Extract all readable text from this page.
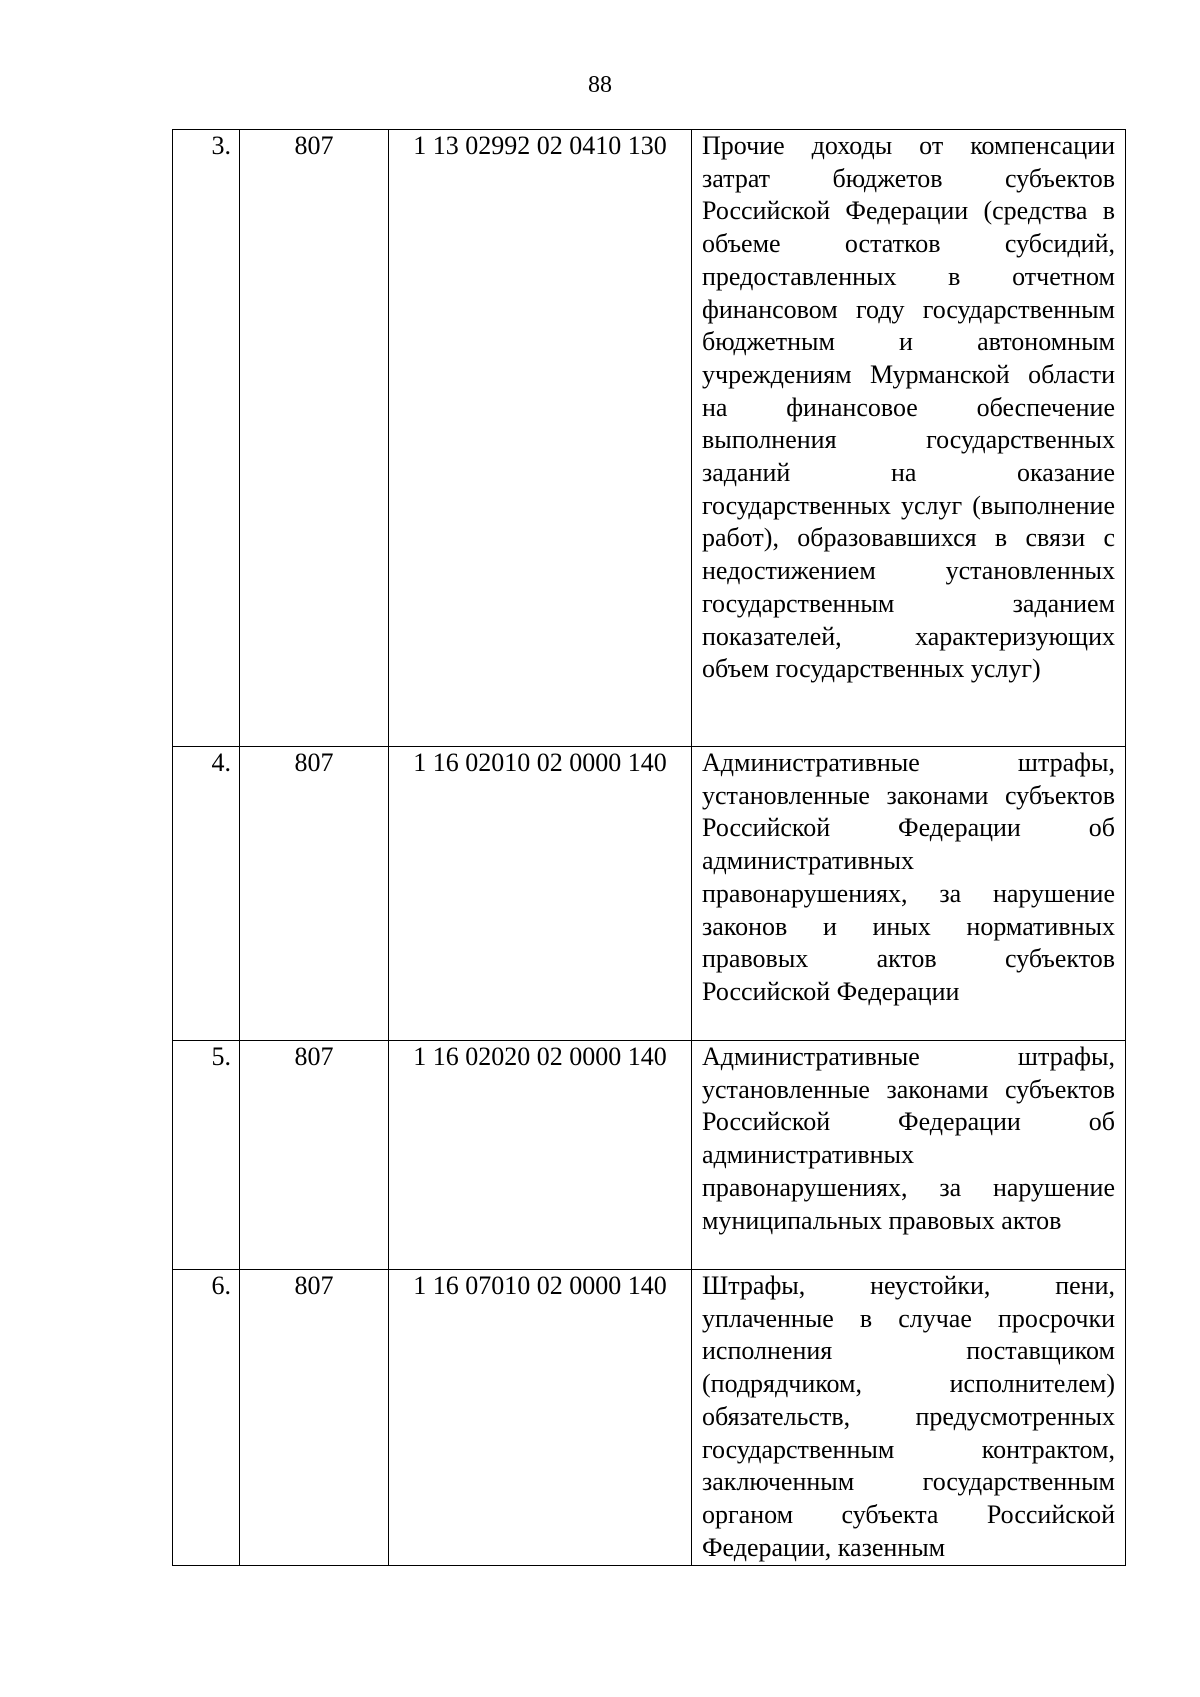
88
3.	807	1 13 02992 02 0410 130	Прочие доходы от компенсации затрат бюджетов субъектов Российской Федерации (средства в объеме остатков субсидий, предоставленных в отчетном финансовом году государственным бюджетным и автономным учреждениям Мурманской области на финансовое обеспечение выполнения государственных заданий на оказание государственных услуг (выполнение работ), образовавшихся в связи с недостижением установленных государственным заданием показателей, характеризующих объем государственных услуг)
4.	807	1 16 02010 02 0000 140	Административные штрафы, установленные законами субъектов Российской Федерации об административных правонарушениях, за нарушение законов и иных нормативных правовых актов субъектов Российской Федерации
5.	807	1 16 02020 02 0000 140	Административные штрафы, установленные законами субъектов Российской Федерации об административных правонарушениях, за нарушение муниципальных правовых актов
6.	807	1 16 07010 02 0000 140	Штрафы, неустойки, пени, уплаченные в случае просрочки исполнения поставщиком (подрядчиком, исполнителем) обязательств, предусмотренных государственным контрактом, заключенным государственным органом субъекта Российской Федерации, казенным
